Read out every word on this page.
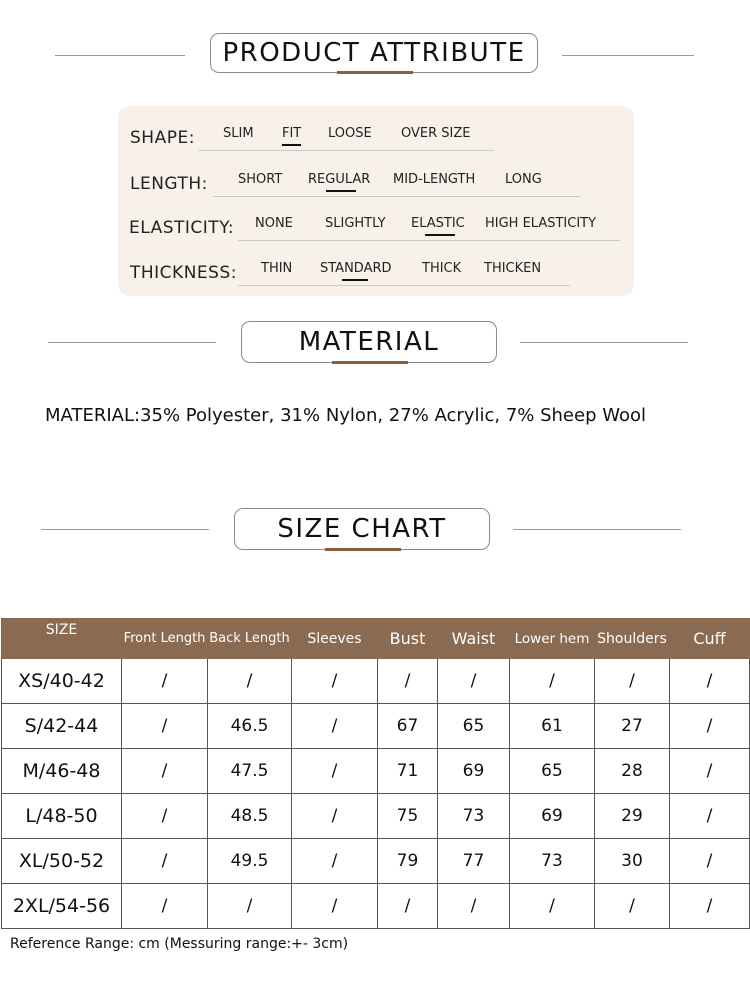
PRODUCT ATTRIBUTE
SHAPE: SLIM FIT LOOSE OVER SIZE
LENGTH: SHORT REGULAR MID-LENGTH LONG
ELASTICITY: NONE SLIGHTLY ELASTIC HIGH ELASTICITY
THICKNESS: THIN STANDARD THICK THICKEN
MATERIAL
MATERIAL:35% Polyester, 31% Nylon, 27% Acrylic, 7% Sheep Wool
SIZE CHART
SIZE	Front Length	Back Length	Sleeves	Bust	Waist	Lower hem	Shoulders	Cuff
XS/40-42	/	/	/	/	/	/	/	/
S/42-44	/	46.5	/	67	65	61	27	/
M/46-48	/	47.5	/	71	69	65	28	/
L/48-50	/	48.5	/	75	73	69	29	/
XL/50-52	/	49.5	/	79	77	73	30	/
2XL/54-56	/	/	/	/	/	/	/	/
Reference Range: cm (Messuring range:+- 3cm)
